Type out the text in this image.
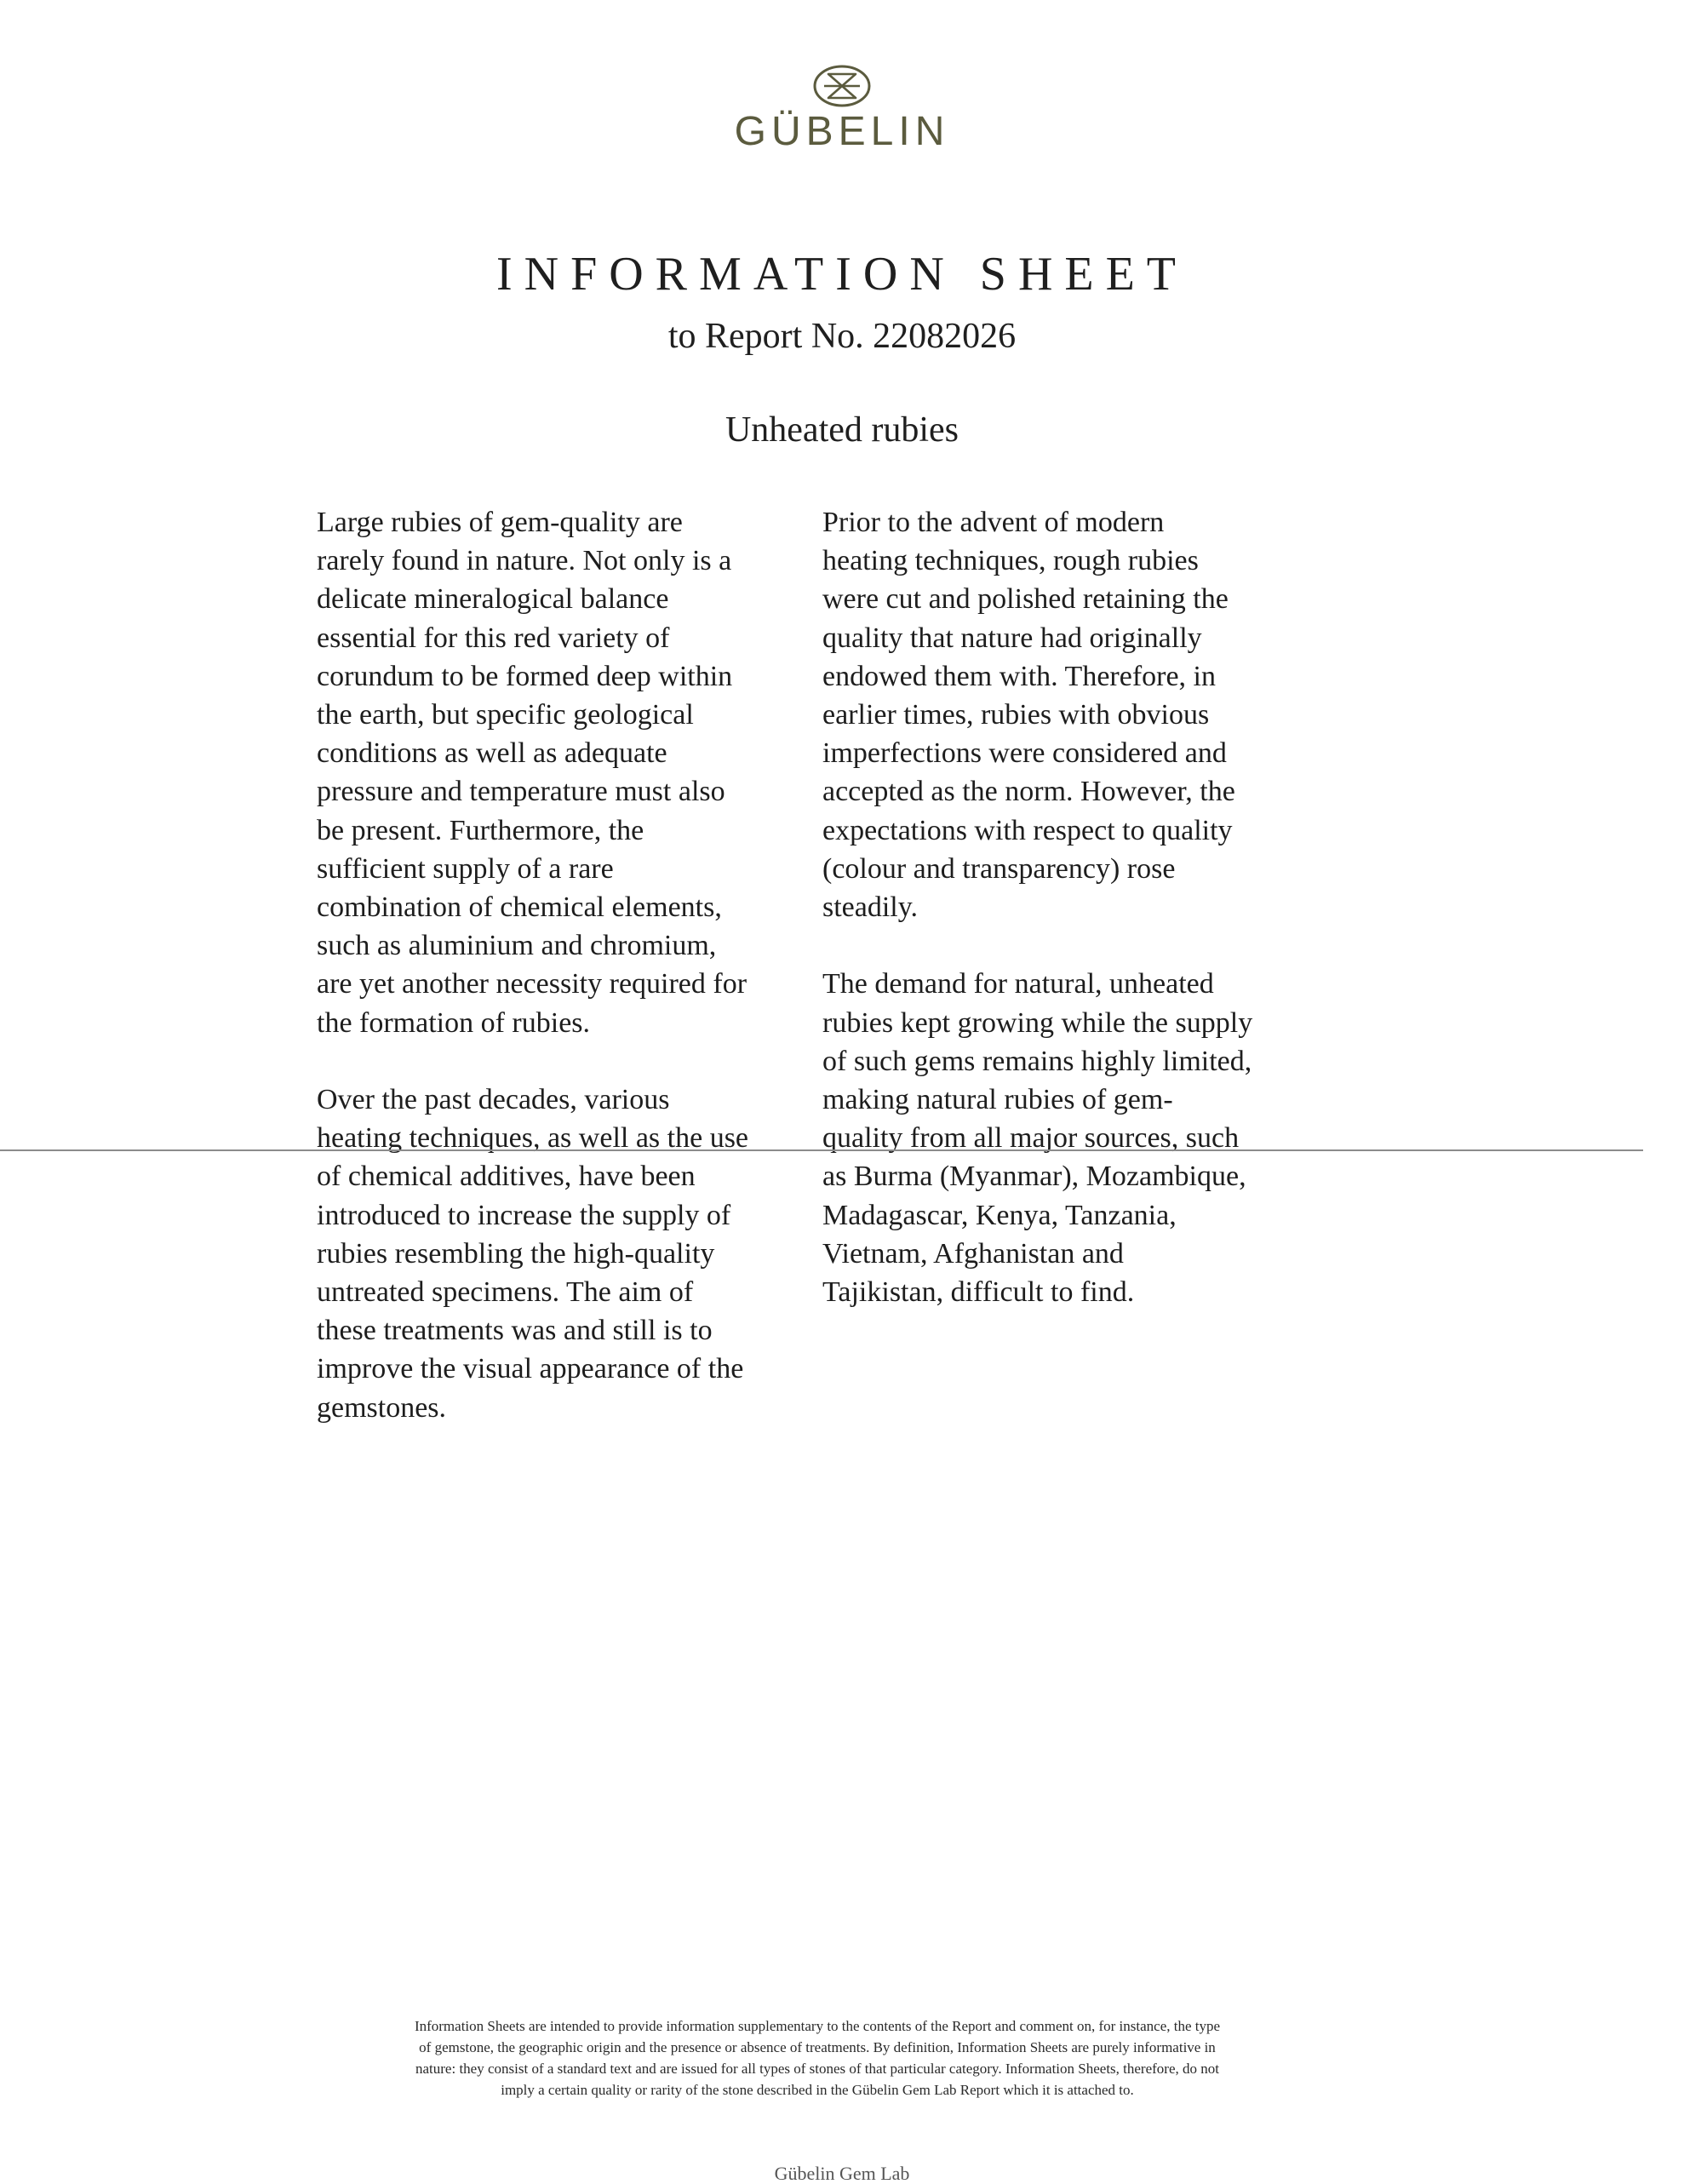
GÜBELIN
INFORMATION SHEET
to Report No. 22082026
Unheated rubies

Large rubies of gem-quality are
rarely found in nature. Not only is a
delicate mineralogical balance
essential for this red variety of
corundum to be formed deep within
the earth, but specific geological
conditions as well as adequate
pressure and temperature must also
be present. Furthermore, the
sufficient supply of a rare
combination of chemical elements,
such as aluminium and chromium,
are yet another necessity required for
the formation of rubies.

Over the past decades, various
heating techniques, as well as the use
of chemical additives, have been
introduced to increase the supply of
rubies resembling the high-quality
untreated specimens. The aim of
these treatments was and still is to
improve the visual appearance of the
gemstones.

Prior to the advent of modern
heating techniques, rough rubies
were cut and polished retaining the
quality that nature had originally
endowed them with. Therefore, in
earlier times, rubies with obvious
imperfections were considered and
accepted as the norm. However, the
expectations with respect to quality
(colour and transparency) rose
steadily.

The demand for natural, unheated
rubies kept growing while the supply
of such gems remains highly limited,
making natural rubies of gem-
quality from all major sources, such
as Burma (Myanmar), Mozambique,
Madagascar, Kenya, Tanzania,
Vietnam, Afghanistan and
Tajikistan, difficult to find.

Information Sheets are intended to provide information supplementary to the contents of the Report and comment on, for instance, the type
of gemstone, the geographic origin and the presence or absence of treatments. By definition, Information Sheets are purely informative in
nature: they consist of a standard text and are issued for all types of stones of that particular category. Information Sheets, therefore, do not
imply a certain quality or rarity of the stone described in the Gübelin Gem Lab Report which it is attached to.
Gübelin Gem Lab
